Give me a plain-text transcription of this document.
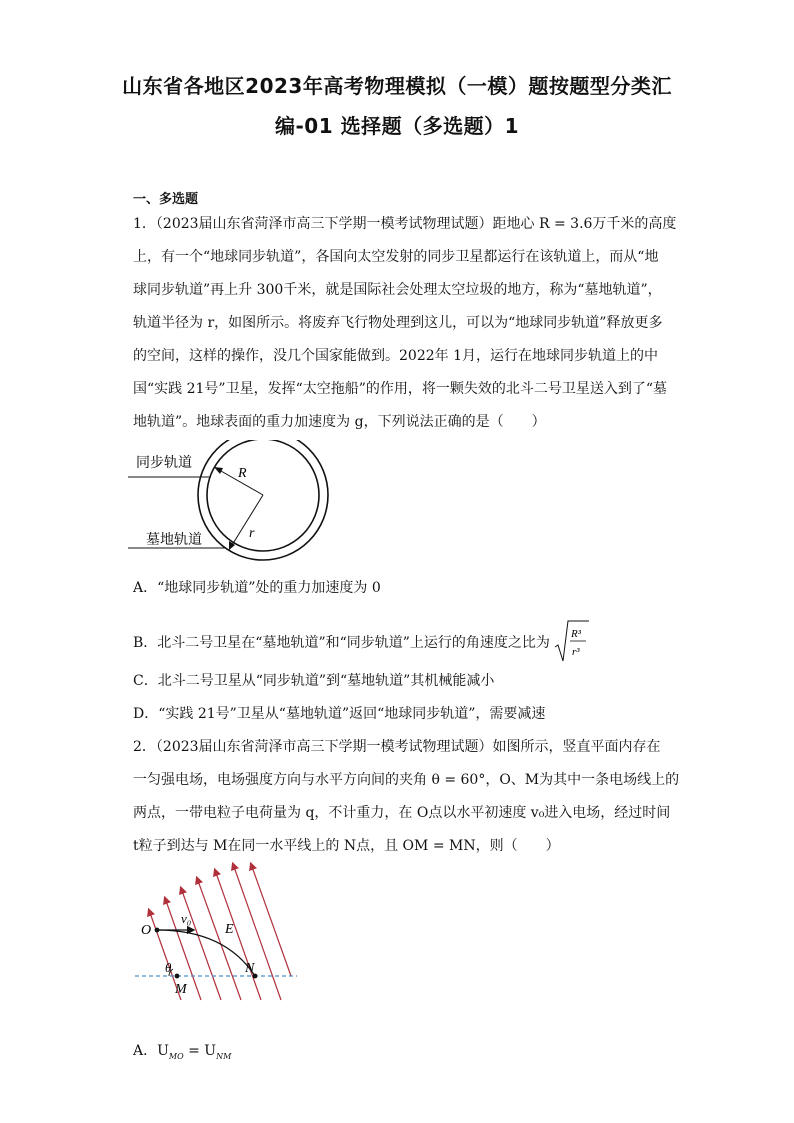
山东省各地区2023年高考物理模拟（一模）题按题型分类汇
编-01 选择题（多选题）1
一、多选题
1．（2023届山东省菏泽市高三下学期一模考试物理试题）距地心 R = 3.6万千米的高度
上，有一个“地球同步轨道”，各国向太空发射的同步卫星都运行在该轨道上，而从“地
球同步轨道”再上升 300千米，就是国际社会处理太空垃圾的地方，称为“墓地轨道”，
轨道半径为 r，如图所示。将废弃飞行物处理到这儿，可以为“地球同步轨道”释放更多
的空间，这样的操作，没几个国家能做到。2022年 1月，运行在地球同步轨道上的中
国“实践 21号”卫星，发挥“太空拖船”的作用，将一颗失效的北斗二号卫星送入到了“墓
地轨道”。地球表面的重力加速度为 g，下列说法正确的是（　　）
同步轨道
墓地轨道
R
r
A．“地球同步轨道”处的重力加速度为 0
B．北斗二号卫星在“墓地轨道”和“同步轨道”上运行的角速度之比为
R³
r³
C．北斗二号卫星从“同步轨道”到“墓地轨道”其机械能减小
D．“实践 21号”卫星从“墓地轨道”返回“地球同步轨道”，需要减速
2．（2023届山东省菏泽市高三下学期一模考试物理试题）如图所示，竖直平面内存在
一匀强电场，电场强度方向与水平方向间的夹角 θ = 60°，O、M为其中一条电场线上的
两点，一带电粒子电荷量为 q，不计重力，在 O点以水平初速度 v₀进入电场，经过时间
t粒子到达与 M在同一水平线上的 N点，且 OM = MN，则（　　）
O
M
N
E
v₀
θ
A．$U_{MO} = U_{NM}$
